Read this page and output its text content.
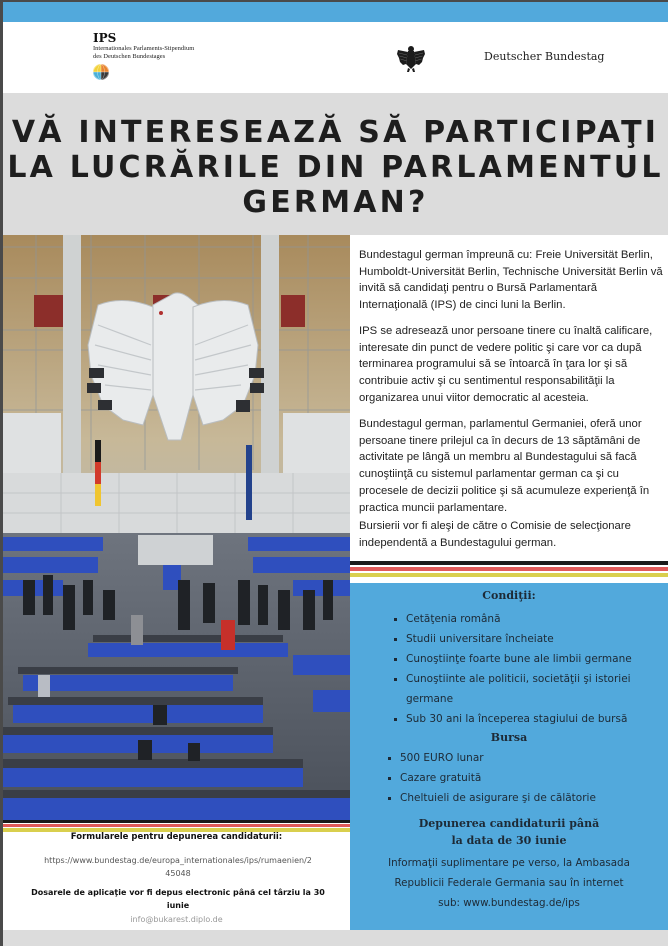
IPS
Internationales Parlaments-Stipendium
des Deutschen Bundestages	Deutscher Bundestag
VĂ INTERESEAZĂ SĂ PARTICIPAŢI
LA LUCRĂRILE DIN PARLAMENTUL
GERMAN?

Bundestagul german împreună cu: Freie Universität Berlin, Humboldt-Universität Berlin, Technische Universität Berlin vă invită să candidaţi pentru o Bursă Parlamentară Internaţională (IPS) de cinci luni la Berlin.

IPS se adresează unor persoane tinere cu înaltă calificare, interesate din punct de vedere politic şi care vor ca după terminarea programului să se întoarcă în ţara lor şi să contribuie activ şi cu sentimentul responsabilităţii la organizarea unui viitor democratic al acesteia.

Bundestagul german, parlamentul Germaniei, oferă unor persoane tinere prilejul ca în decurs de 13 săptămâni de activitate pe lângă un membru al Bundestagului să facă cunoştiinţă cu sistemul parlamentar german ca şi cu procesele de decizii politice şi să acumuleze experienţă în practica muncii parlamentare.

Bursierii vor fi aleşi de către o Comisie de selecţionare independentă a Bundestagului german.

Condiţii:
Cetăţenia română
Studii universitare încheiate
Cunoştiinţe foarte bune ale limbii germane
Cunoştiinte ale politicii, societăţii şi istoriei germane
Sub 30 ani la începerea stagiului de bursă
Bursa
500 EURO lunar
Cazare gratuită
Cheltuieli de asigurare şi de călătorie
Depunerea candidaturii până
la data de 30 iunie
Informaţii suplimentare pe verso, la Ambasada
Republicii Federale Germania sau în internet
sub: www.bundestag.de/ips
Formularele pentru depunerea candidaturii:
https://www.bundestag.de/europa_internationales/ips/rumaenien/245048
Dosarele de aplicaţie vor fi depus electronic până cel târziu la 30 iunie
info@bukarest.diplo.de
